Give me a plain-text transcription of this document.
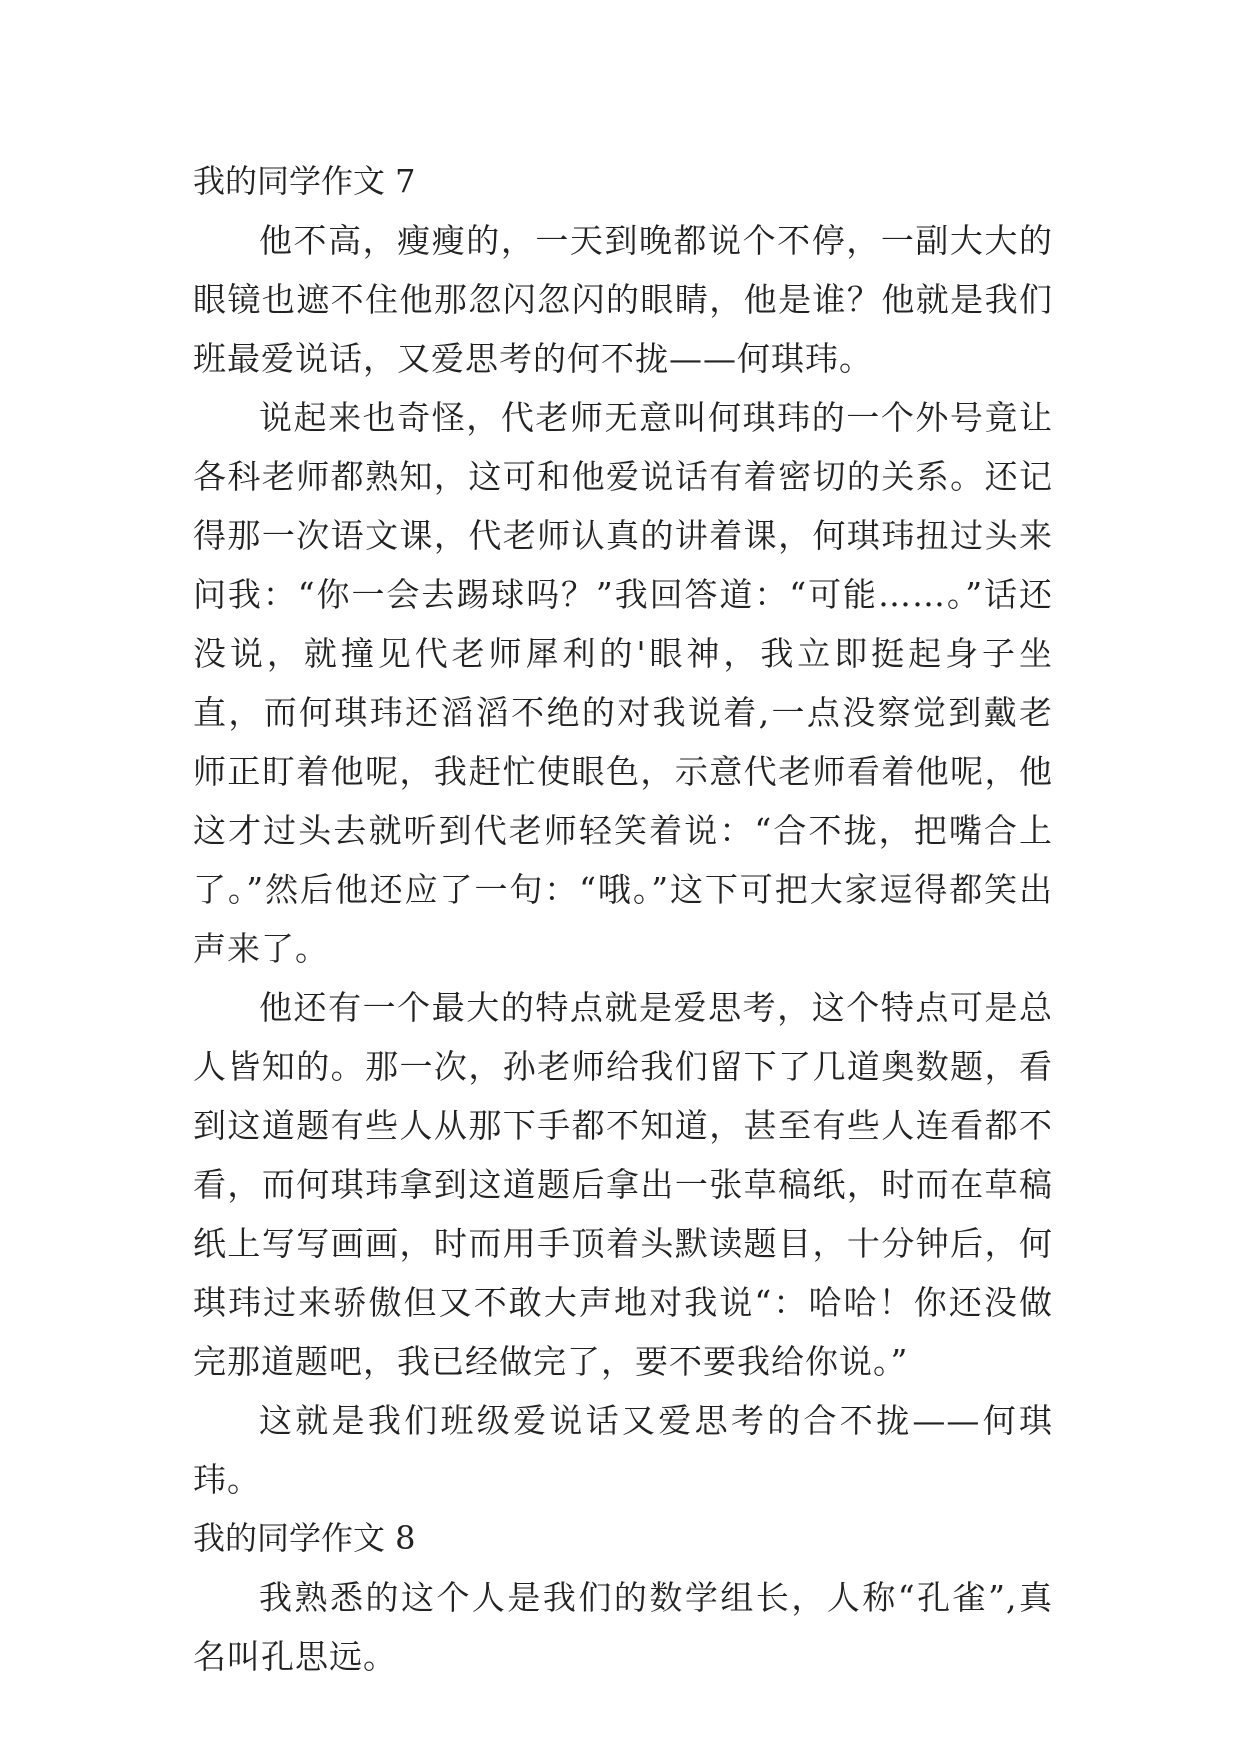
我的同学作文 7

他不高，瘦瘦的，一天到晚都说个不停，一副大大的眼镜也遮不住他那忽闪忽闪的眼睛，他是谁？他就是我们班最爱说话，又爱思考的何不拢——何琪玮。

说起来也奇怪，代老师无意叫何琪玮的一个外号竟让各科老师都熟知，这可和他爱说话有着密切的关系。还记得那一次语文课，代老师认真的讲着课，何琪玮扭过头来问我：“你一会去踢球吗？”我回答道：“可能……。”话还没说，就撞见代老师犀利的'眼神，我立即挺起身子坐直，而何琪玮还滔滔不绝的对我说着,一点没察觉到戴老师正盯着他呢，我赶忙使眼色，示意代老师看着他呢，他这才过头去就听到代老师轻笑着说：“合不拢，把嘴合上了。”然后他还应了一句：“哦。”这下可把大家逗得都笑出声来了。

他还有一个最大的特点就是爱思考，这个特点可是总人皆知的。那一次，孙老师给我们留下了几道奥数题，看到这道题有些人从那下手都不知道，甚至有些人连看都不看，而何琪玮拿到这道题后拿出一张草稿纸，时而在草稿纸上写写画画，时而用手顶着头默读题目，十分钟后，何琪玮过来骄傲但又不敢大声地对我说“：哈哈！你还没做完那道题吧，我已经做完了，要不要我给你说。”

这就是我们班级爱说话又爱思考的合不拢——何琪玮。

我的同学作文 8

我熟悉的这个人是我们的数学组长，人称“孔雀”,真名叫孔思远。
